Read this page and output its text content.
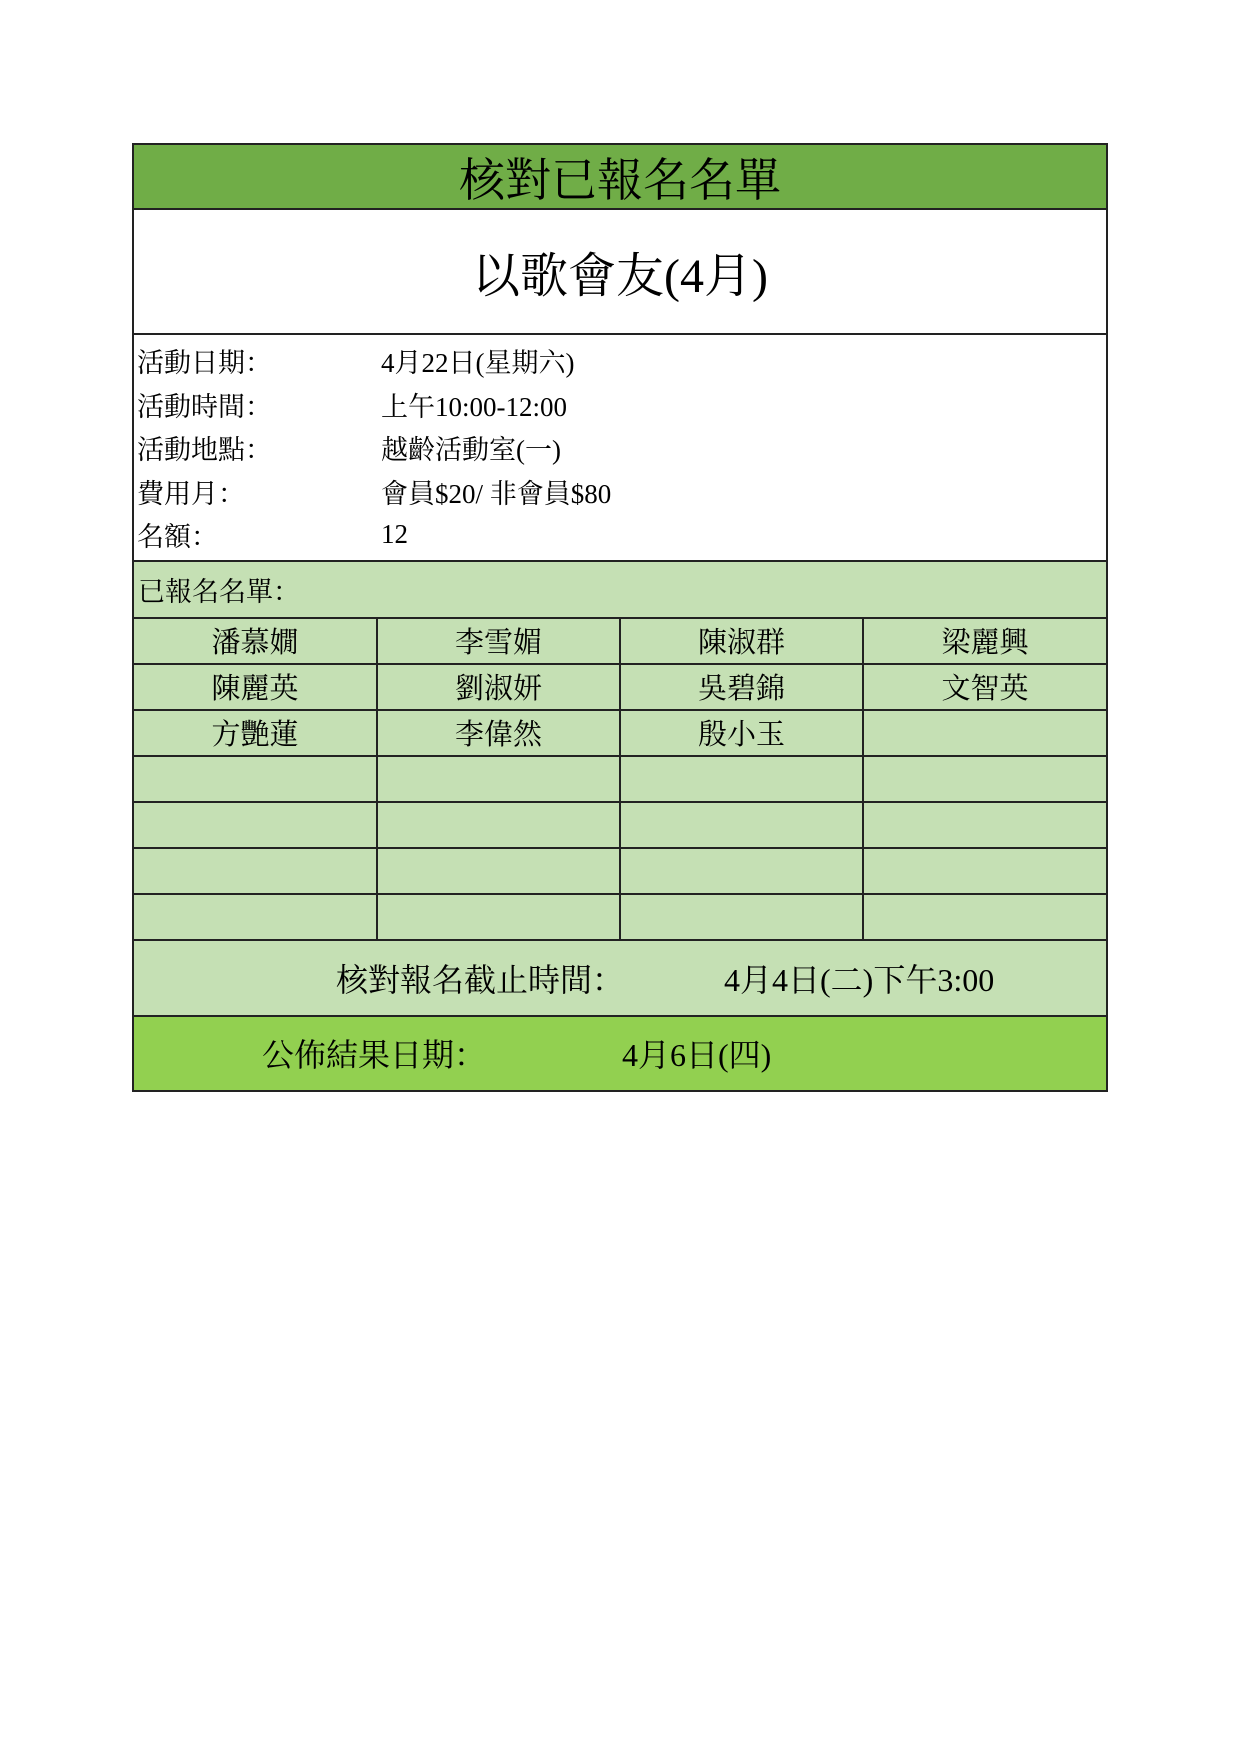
核對已報名名單
以歌會友(4月)
活動日期：	4月22日(星期六)
活動時間：	上午10:00-12:00
活動地點：	越齡活動室(一)
費用月：	會員$20/ 非會員$80
名額：	12
已報名名單：
潘慕嫺	李雪媚	陳淑群	梁麗興
陳麗英	劉淑妍	吳碧錦	文智英
方艷蓮	李偉然	殷小玉	

核對報名截止時間：	4月4日(二)下午3:00
公佈結果日期：	4月6日(四)
